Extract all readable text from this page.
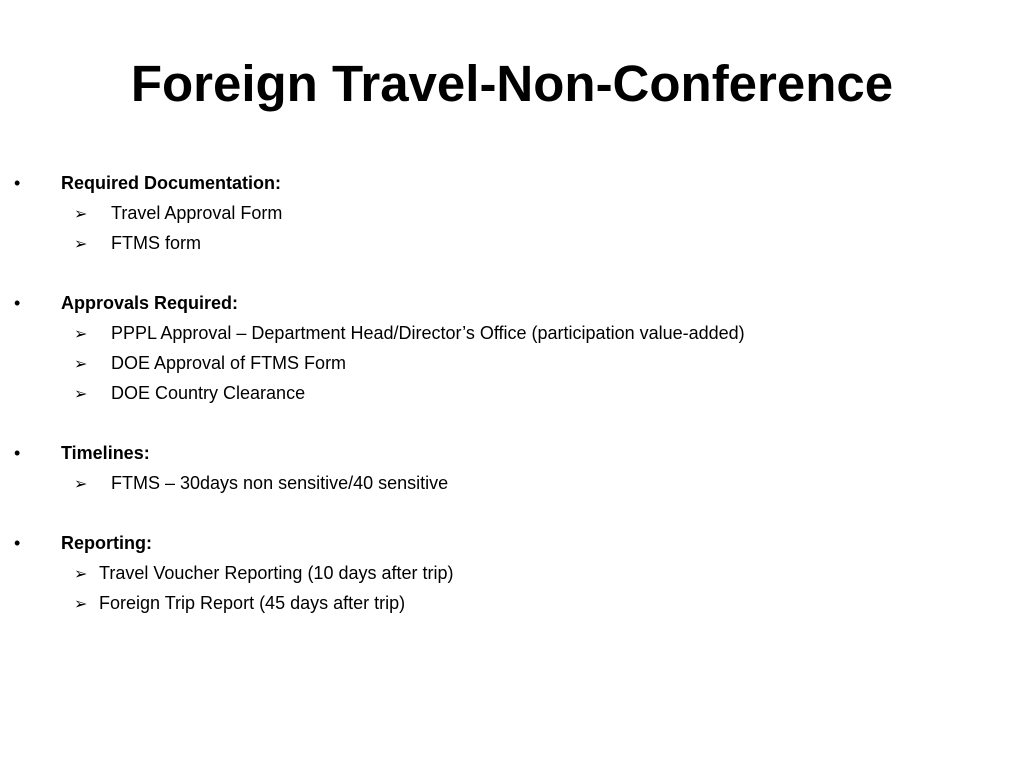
Foreign Travel-Non-Conference
•	Required Documentation:
➢ Travel Approval Form
➢ FTMS form
•	Approvals Required:
➢ PPPL Approval – Department Head/Director’s Office (participation value-added)
➢ DOE Approval of FTMS Form
➢ DOE Country Clearance
•	Timelines:
➢ FTMS – 30days non sensitive/40 sensitive
•	Reporting:
➢ Travel Voucher Reporting (10 days after trip)
➢ Foreign Trip Report (45 days after trip)
